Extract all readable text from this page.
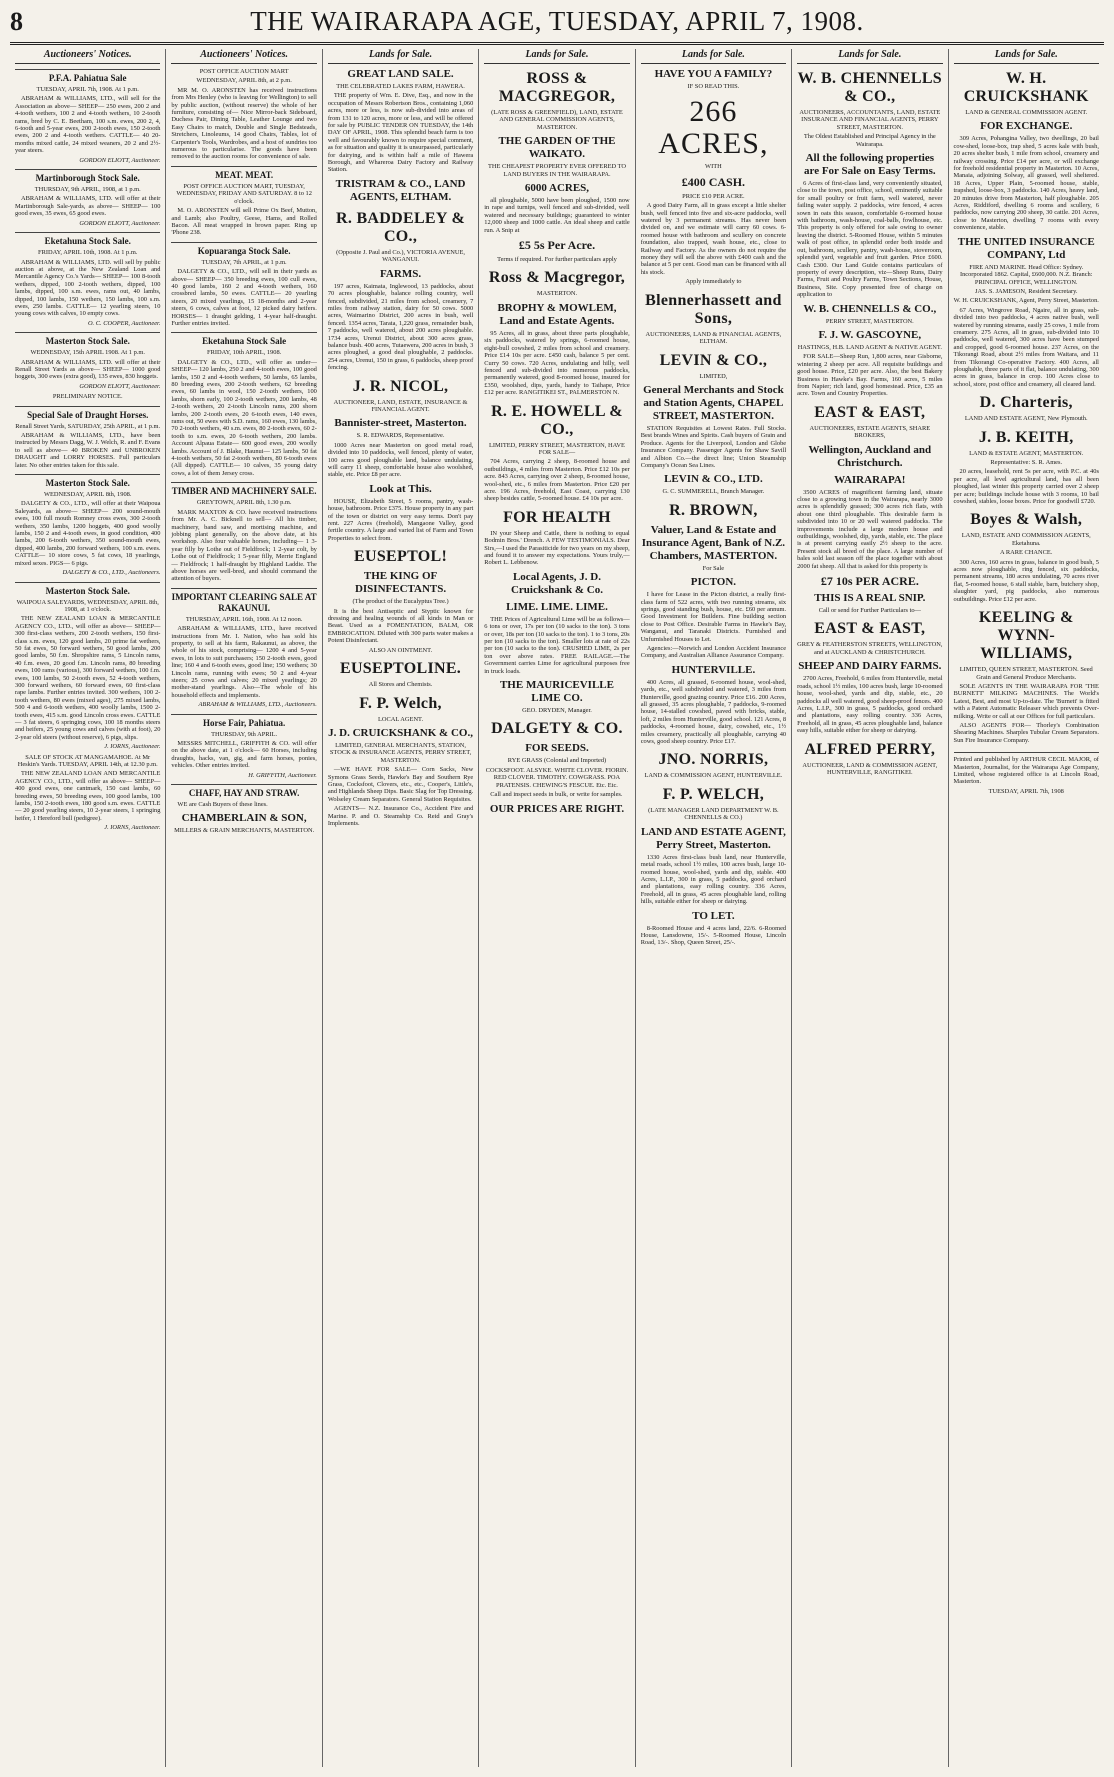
8	THE WAIRARAPA AGE, TUESDAY, APRIL 7, 1908.
Auctioneers' Notices.
P.F.A. Pahiatua Sale
TUESDAY, APRIL 7th, 1908. At 1 p.m.
ABRAHAM & WILLIAMS, LTD., will sell for the Association as above— SHEEP— 250 ewes, 200 2 and 4-tooth wethers, 100 2 and 4-tooth wethers, 10 2-tooth rams, bred by C. E. Beetham, 100 s.m. ewes, 200 2, 4, 6-tooth and 5-year ewes, 200 2-tooth ewes, 150 2-tooth ewes, 200 2 and 4-tooth wethers. CATTLE— 40 20-months mixed cattle, 24 mixed weaners, 20 2 and 2½-year steers.
GORDON ELIOTT, Auctioneer.
Martinborough Stock Sale.
THURSDAY, 9th APRIL, 1908, at 1 p.m.
ABRAHAM & WILLIAMS, LTD. will offer at their Martinborough Sale-yards, as above— SHEEP— 100 good ewes, 35 ewes, 65 good ewes.
GORDON ELIOTT, Auctioneer.
Eketahuna Stock Sale.
FRIDAY, APRIL 10th, 1908. At 1 p.m.
ABRAHAM & WILLIAMS, LTD. will sell by public auction at above, at the New Zealand Loan and Mercantile Agency Co.'s Yards— SHEEP— 100 8-tooth wethers, dipped, 100 2-tooth wethers, dipped, 100 lambs, dipped, 100 s.m. ewes, rams out, 40 lambs, dipped, 100 lambs, 150 wethers, 150 lambs, 100 s.m. ewes, 250 lambs. CATTLE— 12 yearling steers, 10 young cows with calves, 10 empty cows.
O. C. COOPER, Auctioneer.
Masterton Stock Sale.
WEDNESDAY, 15th APRIL 1908. At 1 p.m.
ABRAHAM & WILLIAMS, LTD. will offer at their Renall Street Yards as above— SHEEP— 1000 good hoggets, 300 ewes (extra good), 135 ewes, 830 hoggets.
GORDON ELIOTT, Auctioneer.
PRELIMINARY NOTICE.
Special Sale of Draught Horses.
Renall Street Yards, SATURDAY, 25th APRIL, at 1 p.m.
ABRAHAM & WILLIAMS, LTD., have been instructed by Messrs Dagg, W. J. Welch, R. and F. Evans to sell as above— 40 BROKEN and UNBROKEN DRAUGHT and LORRY HORSES. Full particulars later. No other entries taken for this sale.
Masterton Stock Sale.
WEDNESDAY, APRIL 8th, 1908.
DALGETY & CO., LTD., will offer at their Waipoua Saleyards, as above— SHEEP— 200 sound-mouth ewes, 100 full mouth Romney cross ewes, 300 2-tooth wethers, 350 lambs, 1200 hoggets, 400 good woolly lambs, 150 2 and 4-tooth ewes, in good condition, 400 lambs, 200 6-tooth wethers, 350 sound-mouth ewes, dipped, 400 lambs, 200 forward wethers, 100 s.m. ewes. CATTLE— 10 store cows, 5 fat cows, 18 yearlings, mixed sexes. PIGS— 6 pigs.
DALGETY & CO., LTD., Auctioneers.
Masterton Stock Sale.
WAIPOUA SALEYARDS, WEDNESDAY, APRIL 8th, 1908, at 1 o'clock.
THE NEW ZEALAND LOAN & MERCANTILE AGENCY CO., LTD., will offer as above— SHEEP— 300 first-class wethers, 200 2-tooth wethers, 150 first-class s.m. ewes, 120 good lambs, 20 prime fat wethers, 50 fat ewes, 50 forward wethers, 50 good lambs, 200 good lambs, 50 f.m. Shropshire rams, 5 Lincoln rams, 40 f.m. ewes, 20 good f.m. Lincoln rams, 80 breeding ewes, 100 rams (various), 300 forward wethers, 100 f.m. ewes, 100 lambs, 50 2-tooth ewes, 52 4-tooth wethers, 300 forward wethers, 60 forward ewes, 60 first-class rape lambs. Further entries invited. 300 wethers, 100 2-tooth wethers, 80 ewes (mixed ages), 275 mixed lambs, 500 4 and 6-tooth wethers, 400 woolly lambs, 1500 2-tooth ewes, 415 s.m. good Lincoln cross ewes. CATTLE— 3 fat steers, 6 springing cows, 100 18 months steers and heifers, 25 young cows and calves (with at foot), 20 2-year old steers (without reserve), 6 pigs, slips.
J. IORNS, Auctioneer.
SALE OF STOCK AT MANGAMAHOE. At Mr Heskin's Yards. TUESDAY, APRIL 14th, at 12.30 p.m.
THE NEW ZEALAND LOAN AND MERCANTILE AGENCY CO., LTD., will offer as above— SHEEP— 400 good ewes, one cantmark, 150 cast lambs, 60 breeding ewes, 50 breeding ewes, 100 good lambs, 100 lambs, 150 2-tooth ewes, 180 good s.m. ewes. CATTLE— 20 good yearling steers, 10 2-year steers, 1 springing heifer, 1 Hereford bull (pedigree).
J. IORNS, Auctioneer.
Auctioneers' Notices.
POST OFFICE AUCTION MART
WEDNESDAY, APRIL 8th, at 2 p.m.
MR M. O. ARONSTEN has received instructions from Mrs Henley (who is leaving for Wellington) to sell by public auction, (without reserve) the whole of her furniture, consisting of— Nice Mirror-back Sideboard, Duchess Pair, Dining Table, Leather Lounge and two Easy Chairs to match, Double and Single Bedsteads, Stretchers, Linoleums, 14 good Chairs, Tables, lot of Carpenter's Tools, Wardrobes, and a host of sundries too numerous to particularise. The goods have been removed to the auction rooms for convenience of sale.
MEAT. MEAT.
POST OFFICE AUCTION MART, TUESDAY, WEDNESDAY, FRIDAY AND SATURDAY. 8 to 12 o'clock.
M. O. ARONSTEN will sell Prime Ox Beef, Mutton, and Lamb; also Poultry, Geese, Hams, and Rolled Bacon. All meat wrapped in brown paper. Ring up 'Phone 238.
Kopuaranga Stock Sale.
TUESDAY, 7th APRIL, at 1 p.m.
DALGETY & CO., LTD., will sell in their yards as above— SHEEP— 350 breeding ewes, 100 cull ewes, 40 good lambs, 160 2 and 4-tooth wethers, 160 crossbred lambs, 50 ewes. CATTLE— 20 yearling steers, 20 mixed yearlings, 15 18-months and 2-year steers, 6 cows, calves at foot, 12 picked dairy heifers. HORSES— 1 draught gelding, 1 4-year half-draught. Further entries invited.
Eketahuna Stock Sale
FRIDAY, 10th APRIL, 1908.
DALGETY & CO., LTD., will offer as under— SHEEP— 120 lambs, 250 2 and 4-tooth ewes, 100 good lambs, 150 2 and 4-tooth wethers, 50 lambs, 65 lambs, 80 breeding ewes, 200 2-tooth wethers, 62 breeding ewes, 60 lambs in wool, 150 2-tooth wethers, 100 lambs, shorn early, 100 2-tooth wethers, 200 lambs, 48 2-tooth wethers, 20 2-tooth Lincoln rams, 200 shorn lambs, 200 2-tooth ewes, 20 6-tooth ewes, 140 ewes, rams out, 50 ewes with S.D. rams, 160 ewes, 130 lambs, 70 2-tooth wethers, 40 s.m. ewes, 80 2-tooth ewes, 60 2-tooth to s.m. ewes, 20 6-tooth wethers, 200 lambs. Account Alpaua Estate— 600 good ewes, 200 woolly lambs. Account of J. Blake, Haunui— 125 lambs, 50 fat 4-tooth wethers, 50 fat 2-tooth wethers, 80 6-tooth ewes (All dipped). CATTLE— 10 calves, 35 young dairy cows, a lot of them Jersey cross.
TIMBER AND MACHINERY SALE.
GREYTOWN, APRIL 8th, 1.30 p.m.
MARK MAXTON & CO. have received instructions from Mr. A. C. Bicknell to sell— All his timber, machinery, band saw, and mortising machine, and jobbing plant generally, on the above date, at his workshop. Also four valuable horses, including— 1 3-year filly by Lothe out of Fieldfrock; 1 2-year colt, by Lothe out of Fieldfrock; 1 5-year filly, Merrie England— Fieldfrock; 1 half-draught by Highland Laddie. The above horses are well-bred, and should command the attention of buyers.
IMPORTANT CLEARING SALE AT RAKAUNUI.
THURSDAY, APRIL 16th, 1908. At 12 noon.
ABRAHAM & WILLIAMS, LTD., have received instructions from Mr. I. Nation, who has sold his property, to sell at his farm, Rakaunui, as above, the whole of his stock, comprising— 1200 4 and 5-year ewes, in lots to suit purchasers; 150 2-tooth ewes, good line; 160 4 and 6-tooth ewes, good line; 150 wethers; 30 Lincoln rams, running with ewes; 50 2 and 4-year steers; 25 cows and calves; 20 mixed yearlings; 20 mother-stand yearlings. Also—The whole of his household effects and implements.
ABRAHAM & WILLIAMS, LTD., Auctioneers.
Horse Fair, Pahiatua.
THURSDAY, 9th APRIL.
MESSRS MITCHELL, GRIFFITH & CO. will offer on the above date, at 1 o'clock— 60 Horses, including draughts, hacks, van, gig, and farm horses, ponies, vehicles. Other entries invited.
H. GRIFFITH, Auctioneer.
CHAFF, HAY AND STRAW.
WE are Cash Buyers of these lines.
CHAMBERLAIN & SON,
MILLERS & GRAIN MERCHANTS, MASTERTON.
Lands for Sale.
GREAT LAND SALE.
THE CELEBRATED LAKES FARM, HAWERA.
THE property of Wm. E. Dive, Esq., and now in the occupation of Messrs Robertson Bros., containing 1,060 acres, more or less, is now sub-divided into areas of from 131 to 120 acres, more or less, and will be offered for sale by PUBLIC TENDER ON TUESDAY, the 14th DAY OF APRIL, 1908. This splendid beach farm is too well and favourably known to require special comment, as for situation and quality it is unsurpassed, particularly for dairying, and is within half a mile of Hawera Borough, and Whareroa Dairy Factory and Railway Station.
TRISTRAM & CO., LAND AGENTS, ELTHAM.
R. BADDELEY & CO.,
(Opposite J. Paul and Co.), VICTORIA AVENUE, WANGANUI.
FARMS.
197 acres, Kaimata, Inglewood, 13 paddocks, about 70 acres ploughable, balance rolling country, well fenced, subdivided, 21 miles from school, creamery, 7 miles from railway station, dairy for 50 cows. 5000 acres, Waimarino District, 200 acres in bush, well fenced. 1354 acres, Tarata, 1,220 grass, remainder bush, 7 paddocks, well watered, about 200 acres ploughable. 1734 acres, Urenui District, about 300 acres grass, balance bush. 400 acres, Tutaewera, 200 acres in bush, 3 acres ploughed, a good deal ploughable, 2 paddocks. 254 acres, Urenui, 150 in grass, 6 paddocks, sheep proof fencing.
J. R. NICOL,
AUCTIONEER, LAND, ESTATE, INSURANCE & FINANCIAL AGENT.
Bannister-street, Masterton.
S. R. EDWARDS, Representative.
1000 Acres near Masterton on good metal road, divided into 10 paddocks, well fenced, plenty of water, 100 acres good ploughable land, balance undulating, will carry 11 sheep, comfortable house also woolshed, stable, etc. Price £8 per acre.
Look at This.
HOUSE, Elizabeth Street, 5 rooms, pantry, wash-house, bathroom. Price £375. House property in any part of the town or district on very easy terms. Don't pay rent. 227 Acres (freehold), Mangaone Valley, good fertile country. A large and varied list of Farm and Town Properties to select from.
EUSEPTOL!
THE KING OF DISINFECTANTS.
(The product of the Eucalyptus Tree.)
It is the best Antiseptic and Styptic known for dressing and healing wounds of all kinds in Man or Beast. Used as a FOMENTATION, BALM, OR EMBROCATION. Diluted with 300 parts water makes a Potent Disinfectant.
ALSO AN OINTMENT.
EUSEPTOLINE.
All Stores and Chemists.
F. P. Welch,
LOCAL AGENT.
J. D. CRUICKSHANK & CO.,
LIMITED, GENERAL MERCHANTS, STATION, STOCK & INSURANCE AGENTS, PERRY STREET, MASTERTON.
—WE HAVE FOR SALE— Corn Sacks, New Symons Grass Seeds, Hawke's Bay and Southern Rye Grass, Cocksfoot, Clovers, etc., etc., Cooper's, Little's, and Highlands Sheep Dips. Basic Slag for Top Dressing. Wolseley Cream Separators. General Station Requisites.
AGENTS— N.Z. Insurance Co., Accident Fire and Marine. P. and O. Steamship Co. Reid and Gray's Implements.
Lands for Sale.
ROSS & MACGREGOR,
(LATE ROSS & GREENFIELD), LAND, ESTATE AND GENERAL COMMISSION AGENTS, MASTERTON.
THE GARDEN OF THE WAIKATO.
THE CHEAPEST PROPERTY EVER OFFERED TO LAND BUYERS IN THE WAIRARAPA.
6000 ACRES,
all ploughable, 5000 have been ploughed, 1500 now in rape and turnips, well fenced and sub-divided, well watered and necessary buildings; guaranteed to winter 12,000 sheep and 1000 cattle. An ideal sheep and cattle run. A Snip at
£5 5s Per Acre.
Terms if required. For further particulars apply
Ross & Macgregor,
MASTERTON.
BROPHY & MOWLEM, Land and Estate Agents.
95 Acres, all in grass, about three parts ploughable, six paddocks, watered by springs, 6-roomed house, eight-bull cowshed, 2 miles from school and creamery. Price £14 10s per acre. £450 cash, balance 5 per cent. Curry 50 cows. 720 Acres, undulating and hilly, well fenced and sub-divided into numerous paddocks, permanently watered, good 8-roomed house, insured for £350, woolshed, dips, yards, handy to Taihape, Price £12 per acre. RANGITIKEI ST., PALMERSTON N.
R. E. HOWELL & CO.,
LIMITED, PERRY STREET, MASTERTON, HAVE FOR SALE—
704 Acres, carrying 2 sheep, 8-roomed house and outbuildings, 4 miles from Masterton. Price £12 10s per acre. 843 Acres, carrying over 2 sheep, 8-roomed house, wool-shed, etc., 6 miles from Masterton. Price £20 per acre. 196 Acres, freehold, East Coast, carrying 130 sheep besides cattle, 5-roomed house. £4 10s per acre.
FOR HEALTH
IN your Sheep and Cattle, there is nothing to equal Bodmin Bros.' Drench. A FEW TESTIMONIALS. Dear Sirs,—I used the Parasiticide for two years on my sheep, and found it to answer my expectations. Yours truly,—Robert L. Lebbenow.
Local Agents, J. D. Cruickshank & Co.
LIME. LIME. LIME.
THE Prices of Agricultural Lime will be as follows— 6 tons or over, 17s per ton (10 sacks to the ton). 3 tons or over, 18s per ton (10 sacks to the ton). 1 to 3 tons, 20s per ton (10 sacks to the ton). Smaller lots at rate of 22s per ton (10 sacks to the ton). CRUSHED LIME, 2s per ton over above rates. FREE RAILAGE.—The Government carries Lime for agricultural purposes free in truck loads.
THE MAURICEVILLE LIME CO.
GEO. DRYDEN, Manager.
DALGETY & CO.
FOR SEEDS.
RYE GRASS (Colonial and Imported)
COCKSFOOT. ALSYKE. WHITE CLOVER. FIORIN. RED CLOVER. TIMOTHY. COWGRASS. POA PRATENSIS. CHEWING'S FESCUE. Etc. Etc.
Call and inspect seeds in bulk, or write for samples.
OUR PRICES ARE RIGHT.
Lands for Sale.
HAVE YOU A FAMILY?
IF SO READ THIS.
266 ACRES,
WITH
£400 CASH.
PRICE £10 PER ACRE.
A good Dairy Farm, all in grass except a little shelter bush, well fenced into five and six-acre paddocks, well watered by 3 permanent streams. Has never been divided on, and we estimate will carry 60 cows. 6-roomed house with bathroom and scullery on concrete foundation, also trapped, wash house, etc., close to Railway and Factory. As the owners do not require the money they will sell the above with £400 cash and the balance at 5 per cent. Good man can be financed with all his stock.
Apply immediately to
Blennerhassett and Sons,
AUCTIONEERS, LAND & FINANCIAL AGENTS, ELTHAM.
LEVIN & CO.,
LIMITED,
General Merchants and Stock and Station Agents, CHAPEL STREET, MASTERTON.
STATION Requisites at Lowest Rates. Full Stocks. Best brands Wines and Spirits. Cash buyers of Grain and Produce. Agents for the Liverpool, London and Globe Insurance Company. Passenger Agents for Shaw Savill and Albion Co.—the direct line; Union Steamship Company's Ocean Sea Lines.
LEVIN & CO., LTD.
G. C. SUMMERELL, Branch Manager.
R. BROWN,
Valuer, Land & Estate and Insurance Agent, Bank of N.Z. Chambers, MASTERTON.
For Sale
PICTON.
I have for Lease in the Picton district, a really first-class farm of 522 acres, with two running streams, six springs, good standing bush, house, etc. £60 per annum. Good Investment for Builders. Fine building section close to Post Office. Desirable Farms in Hawke's Bay, Wanganui, and Taranaki Districts. Furnished and Unfurnished Houses to Let.
Agencies:—Norwich and London Accident Insurance Company, and Australian Alliance Assurance Company.
HUNTERVILLE.
400 Acres, all grassed, 6-roomed house, wool-shed, yards, etc., well subdivided and watered, 3 miles from Hunterville, good grazing country. Price £16. 200 Acres, all grassed, 35 acres ploughable, 7 paddocks, 9-roomed house, 14-stalled cowshed, paved with bricks, stable, loft, 2 miles from Hunterville, good school. 121 Acres, 8 paddocks, 4-roomed house, dairy, cowshed, etc., 1½ miles creamery, practically all ploughable, carrying 40 cows, good sheep country. Price £17.
JNO. NORRIS,
LAND & COMMISSION AGENT, HUNTERVILLE.
F. P. WELCH,
(LATE MANAGER LAND DEPARTMENT W. B. CHENNELLS & CO.)
LAND AND ESTATE AGENT, Perry Street, Masterton.
1330 Acres first-class bush land, near Hunterville, metal roads, school 1½ miles, 100 acres bush, large 10-roomed house, wool-shed, yards and dip, stable. 400 Acres, L.I.P., 300 in grass, 5 paddocks, good orchard and plantations, easy rolling country. 336 Acres, Freehold, all in grass, 45 acres ploughable land, rolling hills, suitable either for sheep or dairying.
TO LET.
8-Roomed House and 4 acres land, 22/6. 6-Roomed House, Lansdowne, 15/-. 5-Roomed House, Lincoln Road, 13/-. Shop, Queen Street, 25/-.
Lands for Sale.
W. B. CHENNELLS & CO.,
AUCTIONEERS, ACCOUNTANTS, LAND, ESTATE INSURANCE AND FINANCIAL AGENTS, PERRY STREET, MASTERTON.
The Oldest Established and Principal Agency in the Wairarapa.
All the following properties are For Sale on Easy Terms.
6 Acres of first-class land, very conveniently situated, close to the town, post office, school, eminently suitable for small poultry or fruit farm, well watered, never failing water supply. 2 paddocks, wire fenced, 4 acres sown in oats this season, comfortable 6-roomed house with bathroom, wash-house, coal-balls, fowlhouse, etc. This property is only offered for sale owing to owner leaving the district. 5-Roomed House, within 5 minutes walk of post office, in splendid order both inside and out, bathroom, scullery, pantry, wash-house, stoveroom, splendid yard, vegetable and fruit garden. Price £600. Cash £300. Our Land Guide contains particulars of property of every description, viz—Sheep Runs, Dairy Farms, Fruit and Poultry Farms, Town Sections, House, Business, Site. Copy presented free of charge on application to
W. B. CHENNELLS & CO.,
PERRY STREET, MASTERTON.
F. J. W. GASCOYNE,
HASTINGS, H.B. LAND AGENT & NATIVE AGENT.
FOR SALE—Sheep Run, 1,800 acres, near Gisborne, wintering 2 sheep per acre. All requisite buildings and good house. Price, £20 per acre. Also, the best Bakery Business in Hawke's Bay. Farms, 160 acres, 5 miles from Napier; rich land, good homestead. Price, £35 an acre. Town and Country Properties.
EAST & EAST,
AUCTIONEERS, ESTATE AGENTS, SHARE BROKERS,
Wellington, Auckland and Christchurch.
WAIRARAPA!
3500 ACRES of magnificent farming land, situate close to a growing town in the Wairarapa, nearly 3000 acres is splendidly grassed; 300 acres rich flats, with about one third ploughable. This desirable farm is subdivided into 10 or 20 well watered paddocks. The improvements include a large modern house and outbuildings, woolshed, dip, yards, stable, etc. The place is at present carrying easily 2½ sheep to the acre. Present stock all breed of the place. A large number of bales sold last season off the place together with about 2000 fat sheep. All that is asked for this property is
£7 10s PER ACRE.
THIS IS A REAL SNIP.
Call or send for Further Particulars to—
EAST & EAST,
GREY & FEATHERSTON STREETS, WELLINGTON, and at AUCKLAND & CHRISTCHURCH.
SHEEP AND DAIRY FARMS.
2700 Acres, Freehold, 6 miles from Hunterville, metal roads, school 1½ miles, 100 acres bush, large 10-roomed house, wool-shed, yards and dip, stable, etc., 20 paddocks all well watered, good sheep-proof fences. 400 Acres, L.I.P., 300 in grass, 5 paddocks, good orchard and plantations, easy rolling country. 336 Acres, Freehold, all in grass, 45 acres ploughable land, balance easy hills, suitable either for sheep or dairying.
ALFRED PERRY,
AUCTIONEER, LAND & COMMISSION AGENT, HUNTERVILLE, RANGITIKEI.
Lands for Sale.
W. H. CRUICKSHANK
LAND & GENERAL COMMISSION AGENT.
FOR EXCHANGE.
309 Acres, Pohangina Valley, two dwellings, 20 bail cow-shed, loose-box, trap shed, 5 acres kale with bush, 20 acres shelter bush, 1 mile from school, creamery and railway crossing. Price £14 per acre, or will exchange for freehold residential property in Masterton. 10 Acres, Manaia, adjoining Solway, all grassed, well sheltered. 18 Acres, Upper Plain, 5-roomed house, stable, trapshed, loose-box, 3 paddocks. 140 Acres, heavy land, 20 minutes drive from Masterton, half ploughable. 205 Acres, Riddiford, dwelling 6 rooms and scullery, 6 paddocks, now carrying 200 sheep, 30 cattle. 201 Acres, close to Masterton, dwelling 7 rooms with every convenience, stable.
THE UNITED INSURANCE COMPANY, Ltd
FIRE AND MARINE. Head Office: Sydney. Incorporated 1862. Capital, £600,000. N.Z. Branch: PRINCIPAL OFFICE, WELLINGTON.
JAS. S. JAMESON, Resident Secretary.
W. H. CRUICKSHANK, Agent, Perry Street, Masterton.
67 Acres, Wingrove Road, Ngaire, all in grass, sub-divided into two paddocks, 4 acres native bush, well watered by running streams, easily 25 cows, 1 mile from creamery. 275 Acres, all in grass, sub-divided into 10 paddocks, well watered, 300 acres have been stumped and cropped, good 6-roomed house. 237 Acres, on the Tikorangi Road, about 2½ miles from Waitara, and 11 from Tikorangi Co-operative Factory. 400 Acres, all ploughable, three parts of it flat, balance undulating, 300 acres in grass, balance in crop. 100 Acres close to school, store, post office and creamery, all cleared land.
D. Charteris,
LAND AND ESTATE AGENT, New Plymouth.
J. B. KEITH,
LAND & ESTATE AGENT, MASTERTON.
Representative: S. R. Ames.
20 acres, leasehold, rent 5s per acre, with P.C. at 40s per acre, all level agricultural land, has all been ploughed, last winter this property carried over 2 sheep per acre; buildings include house with 3 rooms, 10 bail cowshed, stables, loose boxes. Price for goodwill £720.
Boyes & Walsh,
LAND, ESTATE AND COMMISSION AGENTS, Eketahuna.
A RARE CHANCE.
300 Acres, 160 acres in grass, balance in good bush, 5 acres now ploughable, ring fenced, six paddocks, permanent streams, 180 acres undulating, 70 acres river flat, 5-roomed house, 6 stall stable, barn, butchery shop, slaughter yard, pig paddocks, also numerous outbuildings. Price £12 per acre.
KEELING & WYNN-WILLIAMS,
LIMITED, QUEEN STREET, MASTERTON. Seed Grain and General Produce Merchants.
SOLE AGENTS IN THE WAIRARAPA FOR 'THE BURNETT' MILKING MACHINES. The World's Latest, Best, and most Up-to-date. The 'Burnett' is fitted with a Patent Automatic Releaser which prevents Over-milking. Write or call at our Offices for full particulars.
ALSO AGENTS FOR— Thorley's Combination Shearing Machines. Sharples Tubular Cream Separators. Sun Fire Insurance Company.
Printed and published by ARTHUR CECIL MAJOR, of Masterton, Journalist, for the Wairarapa Age Company, Limited, whose registered office is at Lincoln Road, Masterton.
TUESDAY, APRIL 7th, 1908
